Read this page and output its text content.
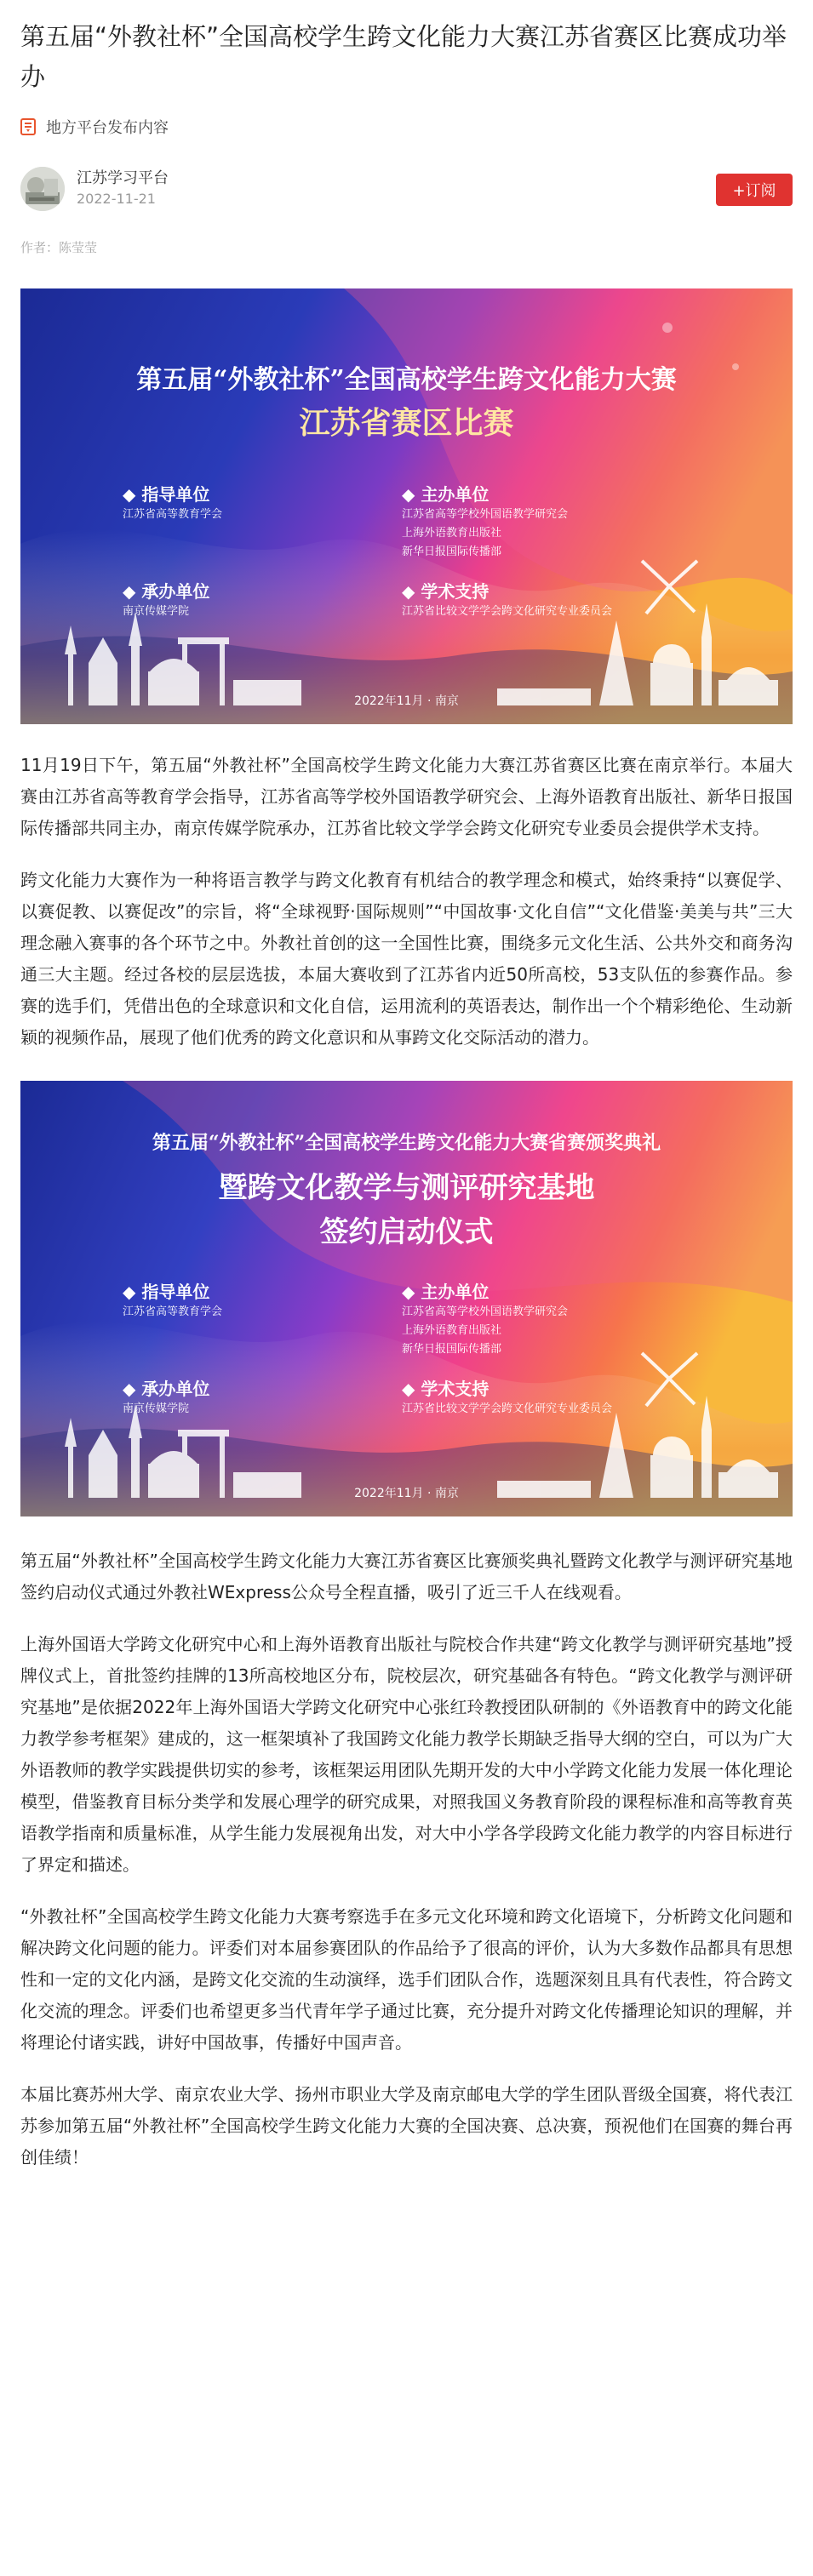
第五届“外教社杯”全国高校学生跨文化能力大赛江苏省赛区比赛成功举办
地方平台发布内容
江苏学习平台
2022-11-21	+订阅
作者：陈莹莹
第五届“外教社杯”全国高校学生跨文化能力大赛
江苏省赛区比赛
◆ 指导单位
江苏省高等教育学会
◆ 主办单位
江苏省高等学校外国语教学研究会
上海外语教育出版社
新华日报国际传播部
◆ 承办单位
南京传媒学院
◆ 学术支持
江苏省比较文学学会跨文化研究专业委员会
2022年11月 · 南京

11月19日下午，第五届“外教社杯”全国高校学生跨文化能力大赛江苏省赛区比赛在南京举行。本届大赛由江苏省高等教育学会指导，江苏省高等学校外国语教学研究会、上海外语教育出版社、新华日报国际传播部共同主办，南京传媒学院承办，江苏省比较文学学会跨文化研究专业委员会提供学术支持。

跨文化能力大赛作为一种将语言教学与跨文化教育有机结合的教学理念和模式，始终秉持“以赛促学、以赛促教、以赛促改”的宗旨，将“全球视野·国际规则”“中国故事·文化自信”“文化借鉴·美美与共”三大理念融入赛事的各个环节之中。外教社首创的这一全国性比赛，围绕多元文化生活、公共外交和商务沟通三大主题。经过各校的层层选拔，本届大赛收到了江苏省内近50所高校，53支队伍的参赛作品。参赛的选手们，凭借出色的全球意识和文化自信，运用流利的英语表达，制作出一个个精彩绝伦、生动新颖的视频作品，展现了他们优秀的跨文化意识和从事跨文化交际活动的潜力。

第五届“外教社杯”全国高校学生跨文化能力大赛省赛颁奖典礼
暨跨文化教学与测评研究基地
签约启动仪式
◆ 指导单位
江苏省高等教育学会
◆ 主办单位
江苏省高等学校外国语教学研究会
上海外语教育出版社
新华日报国际传播部
◆ 承办单位
南京传媒学院
◆ 学术支持
江苏省比较文学学会跨文化研究专业委员会
2022年11月 · 南京

第五届“外教社杯”全国高校学生跨文化能力大赛江苏省赛区比赛颁奖典礼暨跨文化教学与测评研究基地签约启动仪式通过外教社WExpress公众号全程直播，吸引了近三千人在线观看。

上海外国语大学跨文化研究中心和上海外语教育出版社与院校合作共建“跨文化教学与测评研究基地”授牌仪式上，首批签约挂牌的13所高校地区分布，院校层次，研究基础各有特色。“跨文化教学与测评研究基地”是依据2022年上海外国语大学跨文化研究中心张红玲教授团队研制的《外语教育中的跨文化能力教学参考框架》建成的，这一框架填补了我国跨文化能力教学长期缺乏指导大纲的空白，可以为广大外语教师的教学实践提供切实的参考，该框架运用团队先期开发的大中小学跨文化能力发展一体化理论模型，借鉴教育目标分类学和发展心理学的研究成果，对照我国义务教育阶段的课程标准和高等教育英语教学指南和质量标准，从学生能力发展视角出发，对大中小学各学段跨文化能力教学的内容目标进行了界定和描述。

“外教社杯”全国高校学生跨文化能力大赛考察选手在多元文化环境和跨文化语境下，分析跨文化问题和解决跨文化问题的能力。评委们对本届参赛团队的作品给予了很高的评价，认为大多数作品都具有思想性和一定的文化内涵，是跨文化交流的生动演绎，选手们团队合作，选题深刻且具有代表性，符合跨文化交流的理念。评委们也希望更多当代青年学子通过比赛，充分提升对跨文化传播理论知识的理解，并将理论付诸实践，讲好中国故事，传播好中国声音。

本届比赛苏州大学、南京农业大学、扬州市职业大学及南京邮电大学的学生团队晋级全国赛，将代表江苏参加第五届“外教社杯”全国高校学生跨文化能力大赛的全国决赛、总决赛，预祝他们在国赛的舞台再创佳绩！
